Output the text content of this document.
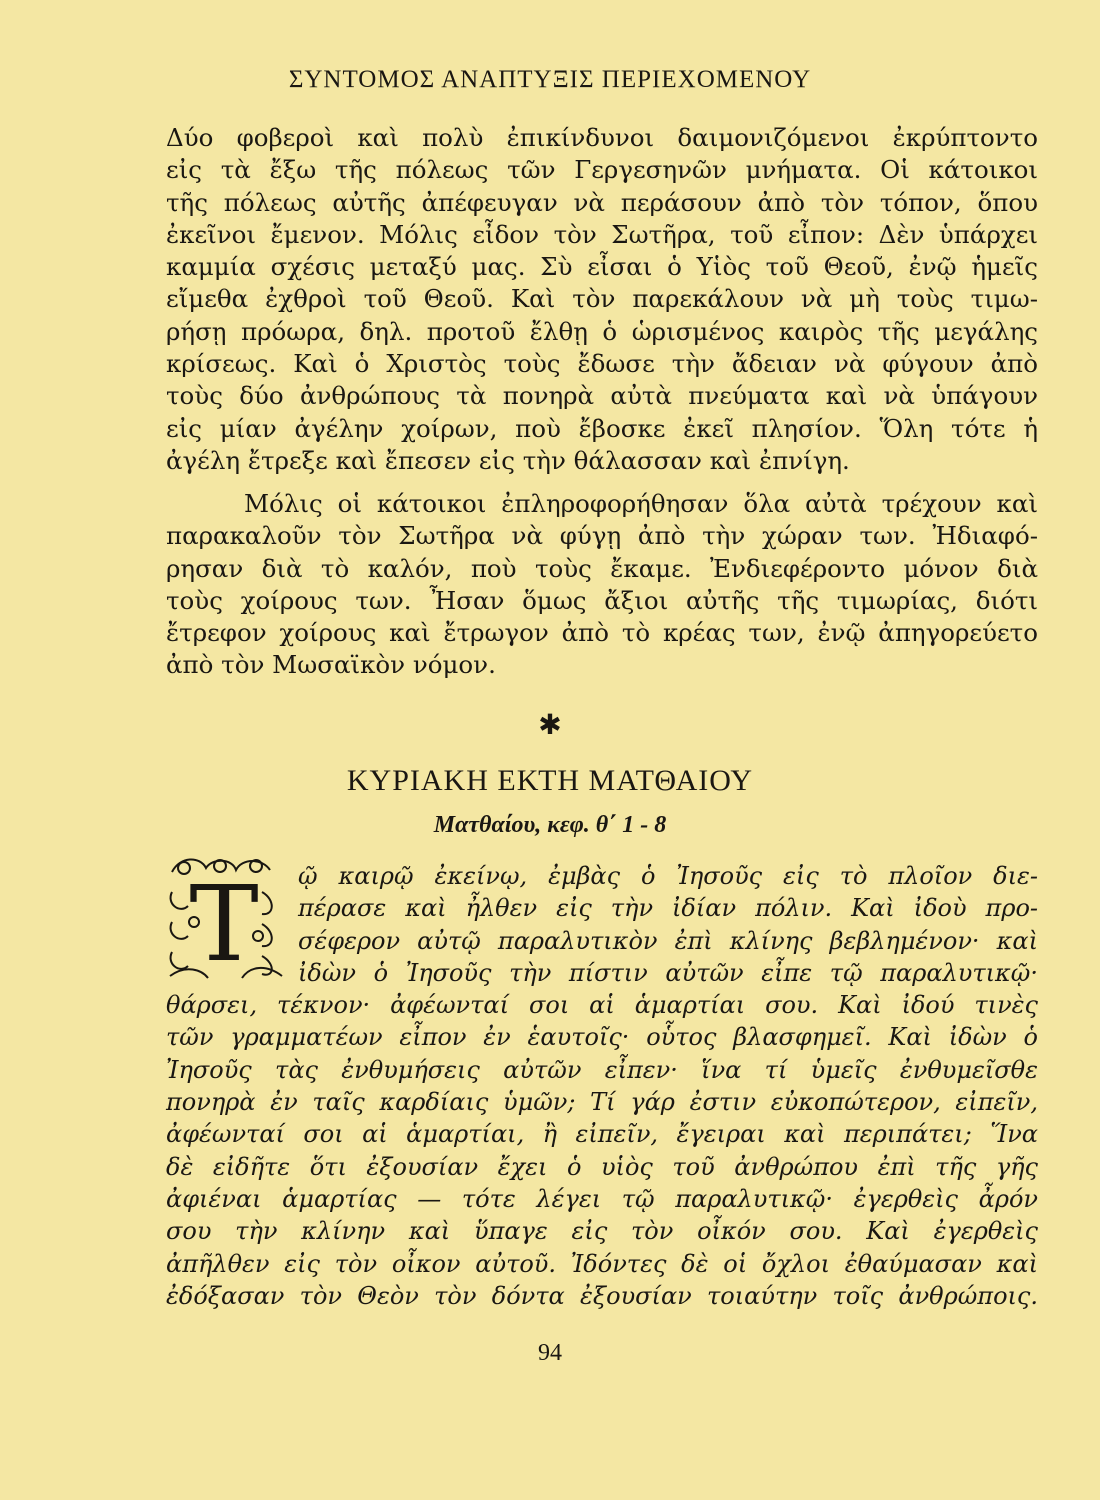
ΣΥΝΤΟΜΟΣ ΑΝΑΠΤΥΞΙΣ ΠΕΡΙΕΧΟΜΕΝΟΥ
Δύο φοβεροὶ καὶ πολὺ ἐπικίνδυνοι δαιμονιζόμενοι ἐκρύπτοντο
εἰς τὰ ἔξω τῆς πόλεως τῶν Γεργεσηνῶν μνήματα. Οἱ κάτοικοι
τῆς πόλεως αὐτῆς ἀπέφευγαν νὰ περάσουν ἀπὸ τὸν τόπον, ὅπου
ἐκεῖνοι ἔμενον. Μόλις εἶδον τὸν Σωτῆρα, τοῦ εἶπον: Δὲν ὑπάρχει
καμμία σχέσις μεταξύ μας. Σὺ εἶσαι ὁ Υἱὸς τοῦ Θεοῦ, ἐνῷ ἡμεῖς
εἴμεθα ἐχθροὶ τοῦ Θεοῦ. Καὶ τὸν παρεκάλουν νὰ μὴ τοὺς τιμω-
ρήσῃ πρόωρα, δηλ. προτοῦ ἔλθῃ ὁ ὡρισμένος καιρὸς τῆς μεγάλης
κρίσεως. Καὶ ὁ Χριστὸς τοὺς ἔδωσε τὴν ἄδειαν νὰ φύγουν ἀπὸ
τοὺς δύο ἀνθρώπους τὰ πονηρὰ αὐτὰ πνεύματα καὶ νὰ ὑπάγουν
εἰς μίαν ἀγέλην χοίρων, ποὺ ἔβοσκε ἐκεῖ πλησίον. Ὅλη τότε ἡ
ἀγέλη ἔτρεξε καὶ ἔπεσεν εἰς τὴν θάλασσαν καὶ ἐπνίγη.
Μόλις οἱ κάτοικοι ἐπληροφορήθησαν ὅλα αὐτὰ τρέχουν καὶ
παρακαλοῦν τὸν Σωτῆρα νὰ φύγῃ ἀπὸ τὴν χώραν των. Ἠδιαφό-
ρησαν διὰ τὸ καλόν, ποὺ τοὺς ἔκαμε. Ἐνδιεφέροντο μόνον διὰ
τοὺς χοίρους των. Ἦσαν ὅμως ἄξιοι αὐτῆς τῆς τιμωρίας, διότι
ἔτρεφον χοίρους καὶ ἔτρωγον ἀπὸ τὸ κρέας των, ἐνῷ ἀπηγορεύετο
ἀπὸ τὸν Μωσαϊκὸν νόμον.
✱
ΚΥΡΙΑΚΗ ΕΚΤΗ ΜΑΤΘΑΙΟΥ
Ματθαίου, κεφ. θ΄ 1 - 8
Τ	ῷ καιρῷ ἐκείνῳ, ἐμβὰς ὁ Ἰησοῦς εἰς τὸ πλοῖον διε-
πέρασε καὶ ἦλθεν εἰς τὴν ἰδίαν πόλιν. Καὶ ἰδοὺ προ-
σέφερον αὐτῷ παραλυτικὸν ἐπὶ κλίνης βεβλημένον· καὶ
ἰδὼν ὁ Ἰησοῦς τὴν πίστιν αὐτῶν εἶπε τῷ παραλυτικῷ·
θάρσει, τέκνον· ἀφέωνταί σοι αἱ ἁμαρτίαι σου. Καὶ ἰδού τινὲς
τῶν γραμματέων εἶπον ἐν ἑαυτοῖς· οὗτος βλασφημεῖ. Καὶ ἰδὼν ὁ
Ἰησοῦς τὰς ἐνθυμήσεις αὐτῶν εἶπεν· ἵνα τί ὑμεῖς ἐνθυμεῖσθε
πονηρὰ ἐν ταῖς καρδίαις ὑμῶν; Τί γάρ ἐστιν εὐκοπώτερον, εἰπεῖν,
ἀφέωνταί σοι αἱ ἁμαρτίαι, ἢ εἰπεῖν, ἔγειραι καὶ περιπάτει; Ἵνα
δὲ εἰδῆτε ὅτι ἐξουσίαν ἔχει ὁ υἱὸς τοῦ ἀνθρώπου ἐπὶ τῆς γῆς
ἀφιέναι ἁμαρτίας — τότε λέγει τῷ παραλυτικῷ· ἐγερθεὶς ἆρόν
σου τὴν κλίνην καὶ ὕπαγε εἰς τὸν οἶκόν σου. Καὶ ἐγερθεὶς
ἀπῆλθεν εἰς τὸν οἶκον αὐτοῦ. Ἰδόντες δὲ οἱ ὄχλοι ἐθαύμασαν καὶ
ἐδόξασαν τὸν Θεὸν τὸν δόντα ἐξουσίαν τοιαύτην τοῖς ἀνθρώποις.
94
